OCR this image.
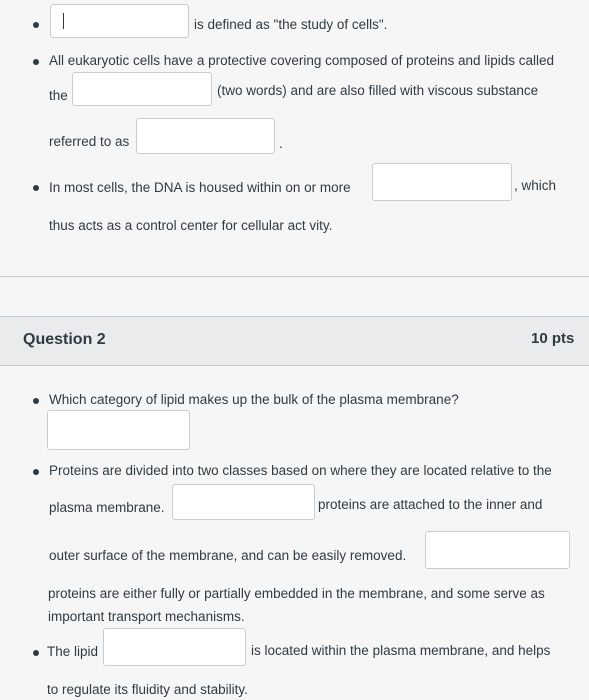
is defined as "the study of cells".
All eukaryotic cells have a protective covering composed of proteins and lipids called
the	(two words) and are also filled with viscous substance
referred to as	.
In most cells, the DNA is housed within on or more	, which
thus acts as a control center for cellular act vity.
Question 2	10 pts
Which category of lipid makes up the bulk of the plasma membrane?
Proteins are divided into two classes based on where they are located relative to the
plasma membrane.	proteins are attached to the inner and
outer surface of the membrane, and can be easily removed.
proteins are either fully or partially embedded in the membrane, and some serve as
important transport mechanisms.
The lipid	is located within the plasma membrane, and helps
to regulate its fluidity and stability.
